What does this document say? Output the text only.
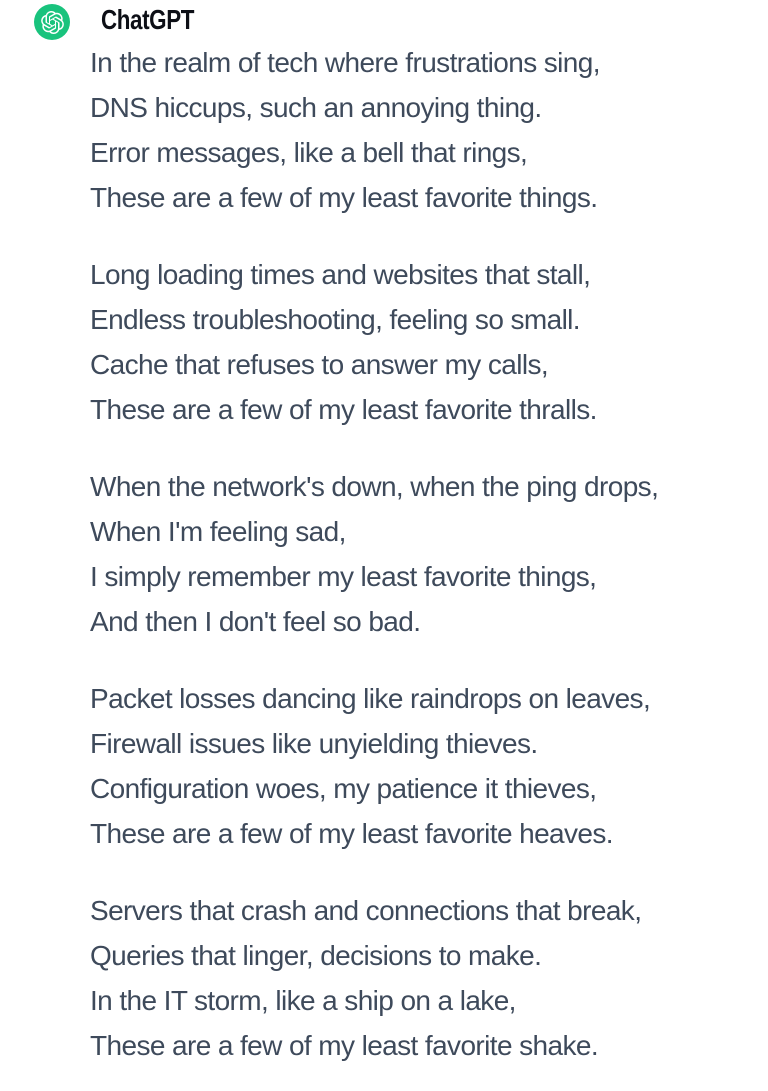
ChatGPT

In the realm of tech where frustrations sing,
DNS hiccups, such an annoying thing.
Error messages, like a bell that rings,
These are a few of my least favorite things.

Long loading times and websites that stall,
Endless troubleshooting, feeling so small.
Cache that refuses to answer my calls,
These are a few of my least favorite thralls.

When the network's down, when the ping drops,
When I'm feeling sad,
I simply remember my least favorite things,
And then I don't feel so bad.

Packet losses dancing like raindrops on leaves,
Firewall issues like unyielding thieves.
Configuration woes, my patience it thieves,
These are a few of my least favorite heaves.

Servers that crash and connections that break,
Queries that linger, decisions to make.
In the IT storm, like a ship on a lake,
These are a few of my least favorite shake.
